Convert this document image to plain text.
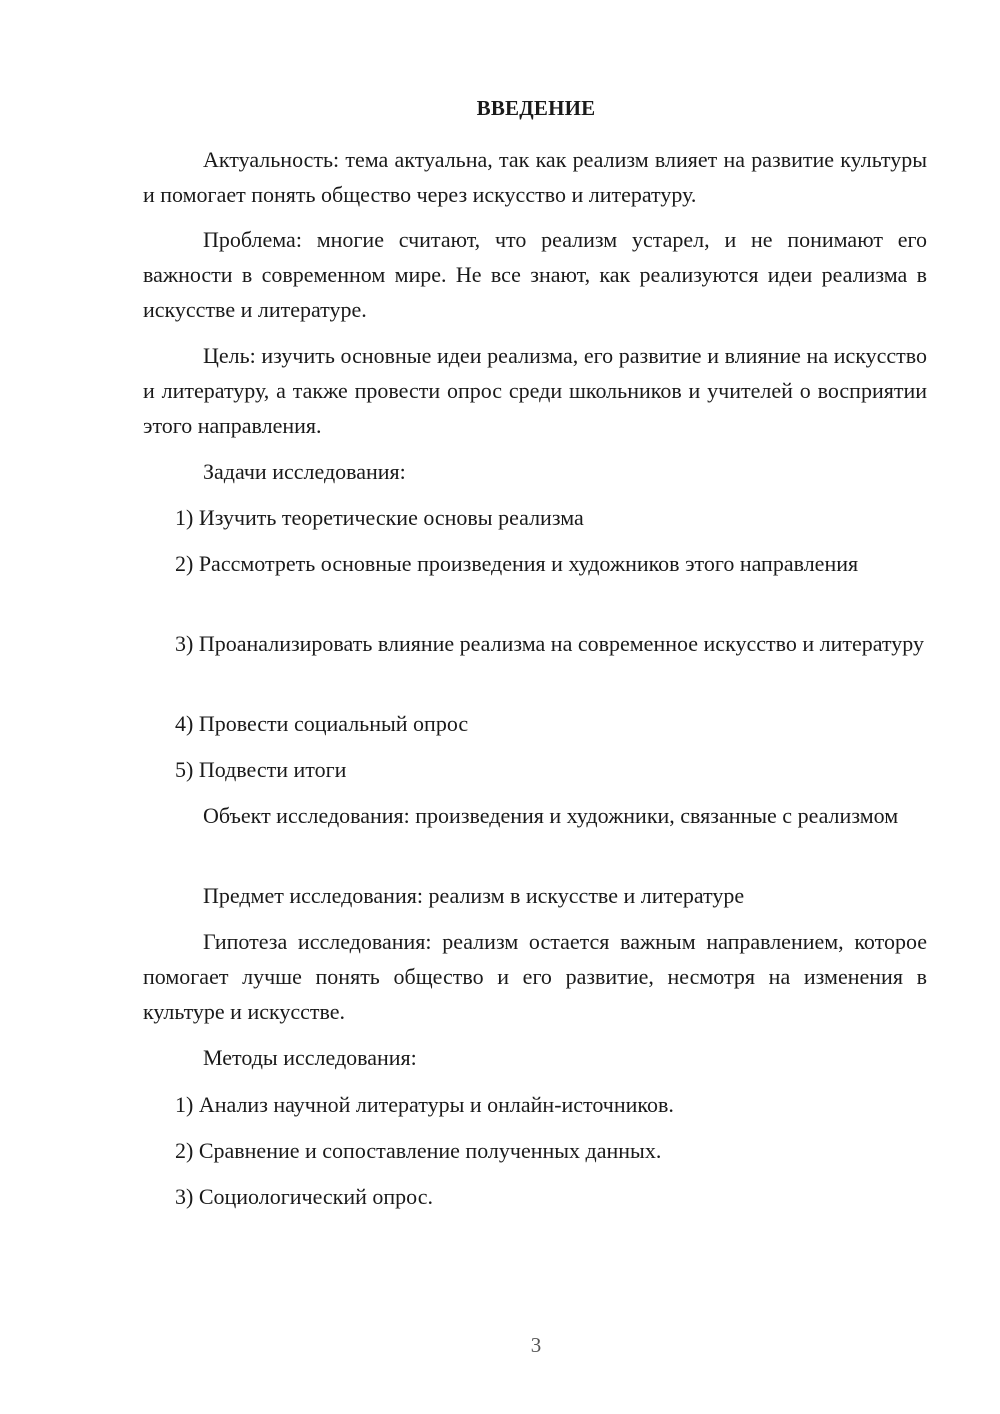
ВВЕДЕНИЕ

Актуальность: тема актуальна, так как реализм влияет на развитие культуры и помогает понять общество через искусство и литературу.

Проблема: многие считают, что реализм устарел, и не понимают его важности в современном мире. Не все знают, как реализуются идеи реализма в искусстве и литературе.

Цель: изучить основные идеи реализма, его развитие и влияние на искусство и литературу, а также провести опрос среди школьников и учителей о восприятии этого направления.

Задачи исследования:

1) Изучить теоретические основы реализма

2) Рассмотреть основные произведения и художников этого направления

3) Проанализировать влияние реализма на современное искусство и литературу

4) Провести социальный опрос

5) Подвести итоги

Объект исследования: произведения и художники, связанные с реализмом

Предмет исследования: реализм в искусстве и литературе

Гипотеза исследования: реализм остается важным направлением, которое помогает лучше понять общество и его развитие, несмотря на изменения в культуре и искусстве.

Методы исследования:

1) Анализ научной литературы и онлайн-источников.

2) Сравнение и сопоставление полученных данных.

3) Социологический опрос.

3
